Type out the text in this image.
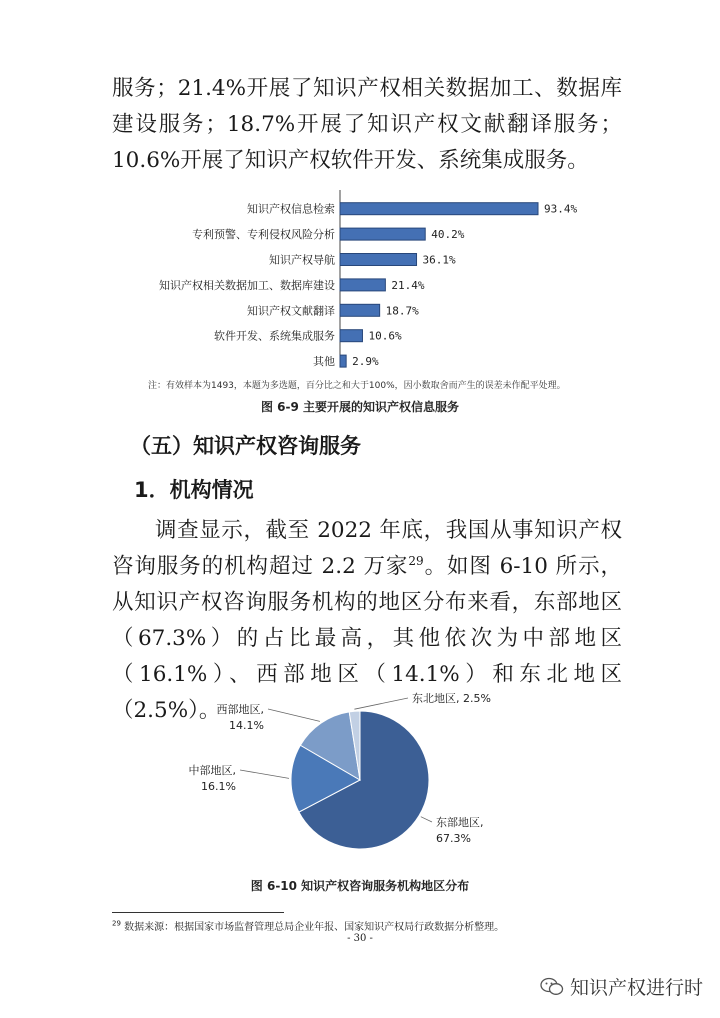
服务；21.4%开展了知识产权相关数据加工、数据库建设服务；18.7%开展了知识产权文献翻译服务；10.6%开展了知识产权软件开发、系统集成服务。

知识产权信息检索	93.4%
专利预警、专利侵权风险分析	40.2%
知识产权导航	36.1%
知识产权相关数据加工、数据库建设	21.4%
知识产权文献翻译	18.7%
软件开发、系统集成服务	10.6%
其他 2.9%
注：有效样本为1493，本题为多选题，百分比之和大于100%，因小数取舍而产生的误差未作配平处理。
图 6-9 主要开展的知识产权信息服务
（五）知识产权咨询服务
1．机构情况

调查显示，截至 2022 年底，我国从事知识产权咨询服务的机构超过 2.2 万家$^{29}$。如图 6-10 所示，从知识产权咨询服务机构的地区分布来看，东部地区（67.3%）的占比最高，其他依次为中部地区（16.1%）、西部地区（14.1%）和东北地区（2.5%）。

东部地区,
67.3%
中部地区,
16.1%
西部地区,
14.1%
东北地区, 2.5%
图 6-10 知识产权咨询服务机构地区分布
$^{29}$ 数据来源：根据国家市场监督管理总局企业年报、国家知识产权局行政数据分析整理。
- 30 -
知识产权进行时
